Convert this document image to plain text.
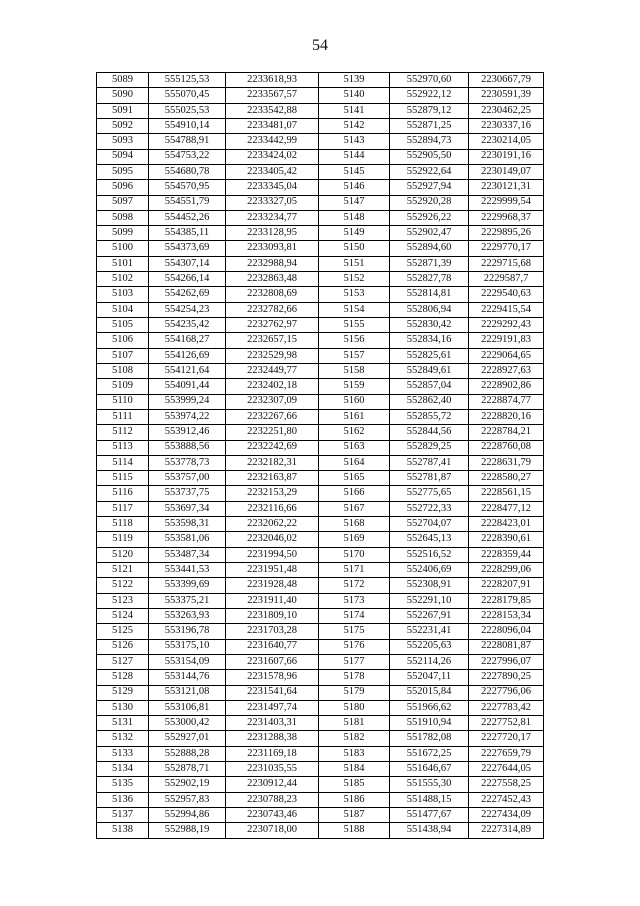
54
5089	555125,53	2233618,93	5139	552970,60	2230667,79
5090	555070,45	2233567,57	5140	552922,12	2230591,39
5091	555025,53	2233542,88	5141	552879,12	2230462,25
5092	554910,14	2233481,07	5142	552871,25	2230337,16
5093	554788,91	2233442,99	5143	552894,73	2230214,05
5094	554753,22	2233424,02	5144	552905,50	2230191,16
5095	554680,78	2233405,42	5145	552922,64	2230149,07
5096	554570,95	2233345,04	5146	552927,94	2230121,31
5097	554551,79	2233327,05	5147	552920,28	2229999,54
5098	554452,26	2233234,77	5148	552926,22	2229968,37
5099	554385,11	2233128,95	5149	552902,47	2229895,26
5100	554373,69	2233093,81	5150	552894,60	2229770,17
5101	554307,14	2232988,94	5151	552871,39	2229715,68
5102	554266,14	2232863,48	5152	552827,78	2229587,7
5103	554262,69	2232808,69	5153	552814,81	2229540,63
5104	554254,23	2232782,66	5154	552806,94	2229415,54
5105	554235,42	2232762,97	5155	552830,42	2229292,43
5106	554168,27	2232657,15	5156	552834,16	2229191,83
5107	554126,69	2232529,98	5157	552825,61	2229064,65
5108	554121,64	2232449,77	5158	552849,61	2228927,63
5109	554091,44	2232402,18	5159	552857,04	2228902,86
5110	553999,24	2232307,09	5160	552862,40	2228874,77
5111	553974,22	2232267,66	5161	552855,72	2228820,16
5112	553912,46	2232251,80	5162	552844,56	2228784,21
5113	553888,56	2232242,69	5163	552829,25	2228760,08
5114	553778,73	2232182,31	5164	552787,41	2228631,79
5115	553757,00	2232163,87	5165	552781,87	2228580,27
5116	553737,75	2232153,29	5166	552775,65	2228561,15
5117	553697,34	2232116,66	5167	552722,33	2228477,12
5118	553598,31	2232062,22	5168	552704,07	2228423,01
5119	553581,06	2232046,02	5169	552645,13	2228390,61
5120	553487,34	2231994,50	5170	552516,52	2228359,44
5121	553441,53	2231951,48	5171	552406,69	2228299,06
5122	553399,69	2231928,48	5172	552308,91	2228207,91
5123	553375,21	2231911,40	5173	552291,10	2228179,85
5124	553263,93	2231809,10	5174	552267,91	2228153,34
5125	553196,78	2231703,28	5175	552231,41	2228096,04
5126	553175,10	2231640,77	5176	552205,63	2228081,87
5127	553154,09	2231607,66	5177	552114,26	2227996,07
5128	553144,76	2231578,96	5178	552047,11	2227890,25
5129	553121,08	2231541,64	5179	552015,84	2227796,06
5130	553106,81	2231497,74	5180	551966,62	2227783,42
5131	553000,42	2231403,31	5181	551910,94	2227752,81
5132	552927,01	2231288,38	5182	551782,08	2227720,17
5133	552888,28	2231169,18	5183	551672,25	2227659,79
5134	552878,71	2231035,55	5184	551646,67	2227644,05
5135	552902,19	2230912,44	5185	551555,30	2227558,25
5136	552957,83	2230788,23	5186	551488,15	2227452,43
5137	552994,86	2230743,46	5187	551477,67	2227434,09
5138	552988,19	2230718,00	5188	551438,94	2227314,89
